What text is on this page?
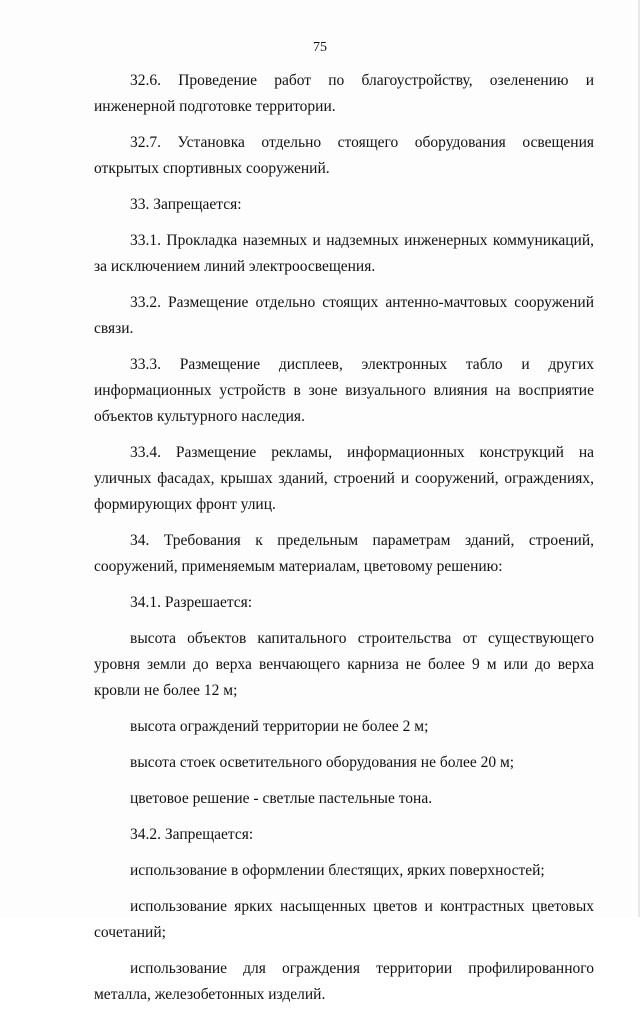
75

32.6. Проведение работ по благоустройству, озеленению и инженерной подготовке территории.

32.7. Установка отдельно стоящего оборудования освещения открытых спортивных сооружений.

33. Запрещается:

33.1. Прокладка наземных и надземных инженерных коммуникаций, за исключением линий электроосвещения.

33.2. Размещение отдельно стоящих антенно-мачтовых сооружений связи.

33.3. Размещение дисплеев, электронных табло и других информационных устройств в зоне визуального влияния на восприятие объектов культурного наследия.

33.4. Размещение рекламы, информационных конструкций на уличных фасадах, крышах зданий, строений и сооружений, ограждениях, формирующих фронт улиц.

34. Требования к предельным параметрам зданий, строений, сооружений, применяемым материалам, цветовому решению:

34.1. Разрешается:

высота объектов капитального строительства от существующего уровня земли до верха венчающего карниза не более 9 м или до верха кровли не более 12 м;

высота ограждений территории не более 2 м;

высота стоек осветительного оборудования не более 20 м;

цветовое решение - светлые пастельные тона.

34.2. Запрещается:

использование в оформлении блестящих, ярких поверхностей;

использование ярких насыщенных цветов и контрастных цветовых сочетаний;

использование для ограждения территории профилированного металла, железобетонных изделий.
